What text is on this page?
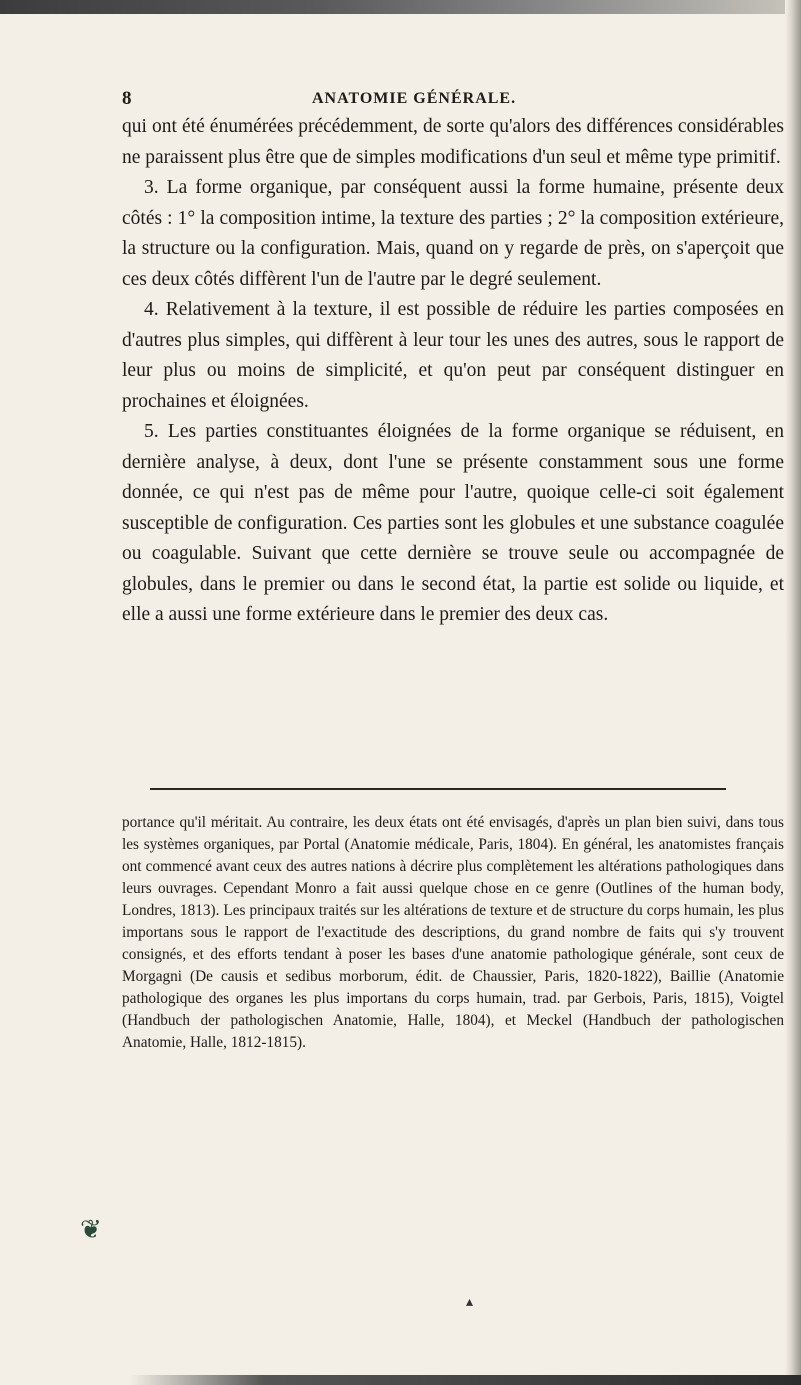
8	ANATOMIE GÉNÉRALE.

qui ont été énumérées précédemment, de sorte qu'alors des différences considérables ne paraissent plus être que de simples modifications d'un seul et même type primitif.

3. La forme organique, par conséquent aussi la forme humaine, présente deux côtés : 1° la composition intime, la texture des parties ; 2° la composition extérieure, la structure ou la configuration. Mais, quand on y regarde de près, on s'aperçoit que ces deux côtés diffèrent l'un de l'autre par le degré seulement.

4. Relativement à la texture, il est possible de réduire les parties composées en d'autres plus simples, qui diffèrent à leur tour les unes des autres, sous le rapport de leur plus ou moins de simplicité, et qu'on peut par conséquent distinguer en prochaines et éloignées.

5. Les parties constituantes éloignées de la forme organique se réduisent, en dernière analyse, à deux, dont l'une se présente constamment sous une forme donnée, ce qui n'est pas de même pour l'autre, quoique celle-ci soit également susceptible de configuration. Ces parties sont les globules et une substance coagulée ou coagulable. Suivant que cette dernière se trouve seule ou accompagnée de globules, dans le premier ou dans le second état, la partie est solide ou liquide, et elle a aussi une forme extérieure dans le premier des deux cas.

portance qu'il méritait. Au contraire, les deux états ont été envisagés, d'après un plan bien suivi, dans tous les systèmes organiques, par Portal (Anatomie médicale, Paris, 1804). En général, les anatomistes français ont commencé avant ceux des autres nations à décrire plus complètement les altérations pathologiques dans leurs ouvrages. Cependant Monro a fait aussi quelque chose en ce genre (Outlines of the human body, Londres, 1813). Les principaux traités sur les altérations de texture et de structure du corps humain, les plus importans sous le rapport de l'exactitude des descriptions, du grand nombre de faits qui s'y trouvent consignés, et des efforts tendant à poser les bases d'une anatomie pathologique générale, sont ceux de Morgagni (De causis et sedibus morborum, édit. de Chaussier, Paris, 1820-1822), Baillie (Anatomie pathologique des organes les plus importans du corps humain, trad. par Gerbois, Paris, 1815), Voigtel (Handbuch der pathologischen Anatomie, Halle, 1804), et Meckel (Handbuch der pathologischen Anatomie, Halle, 1812-1815).

❦
▴
